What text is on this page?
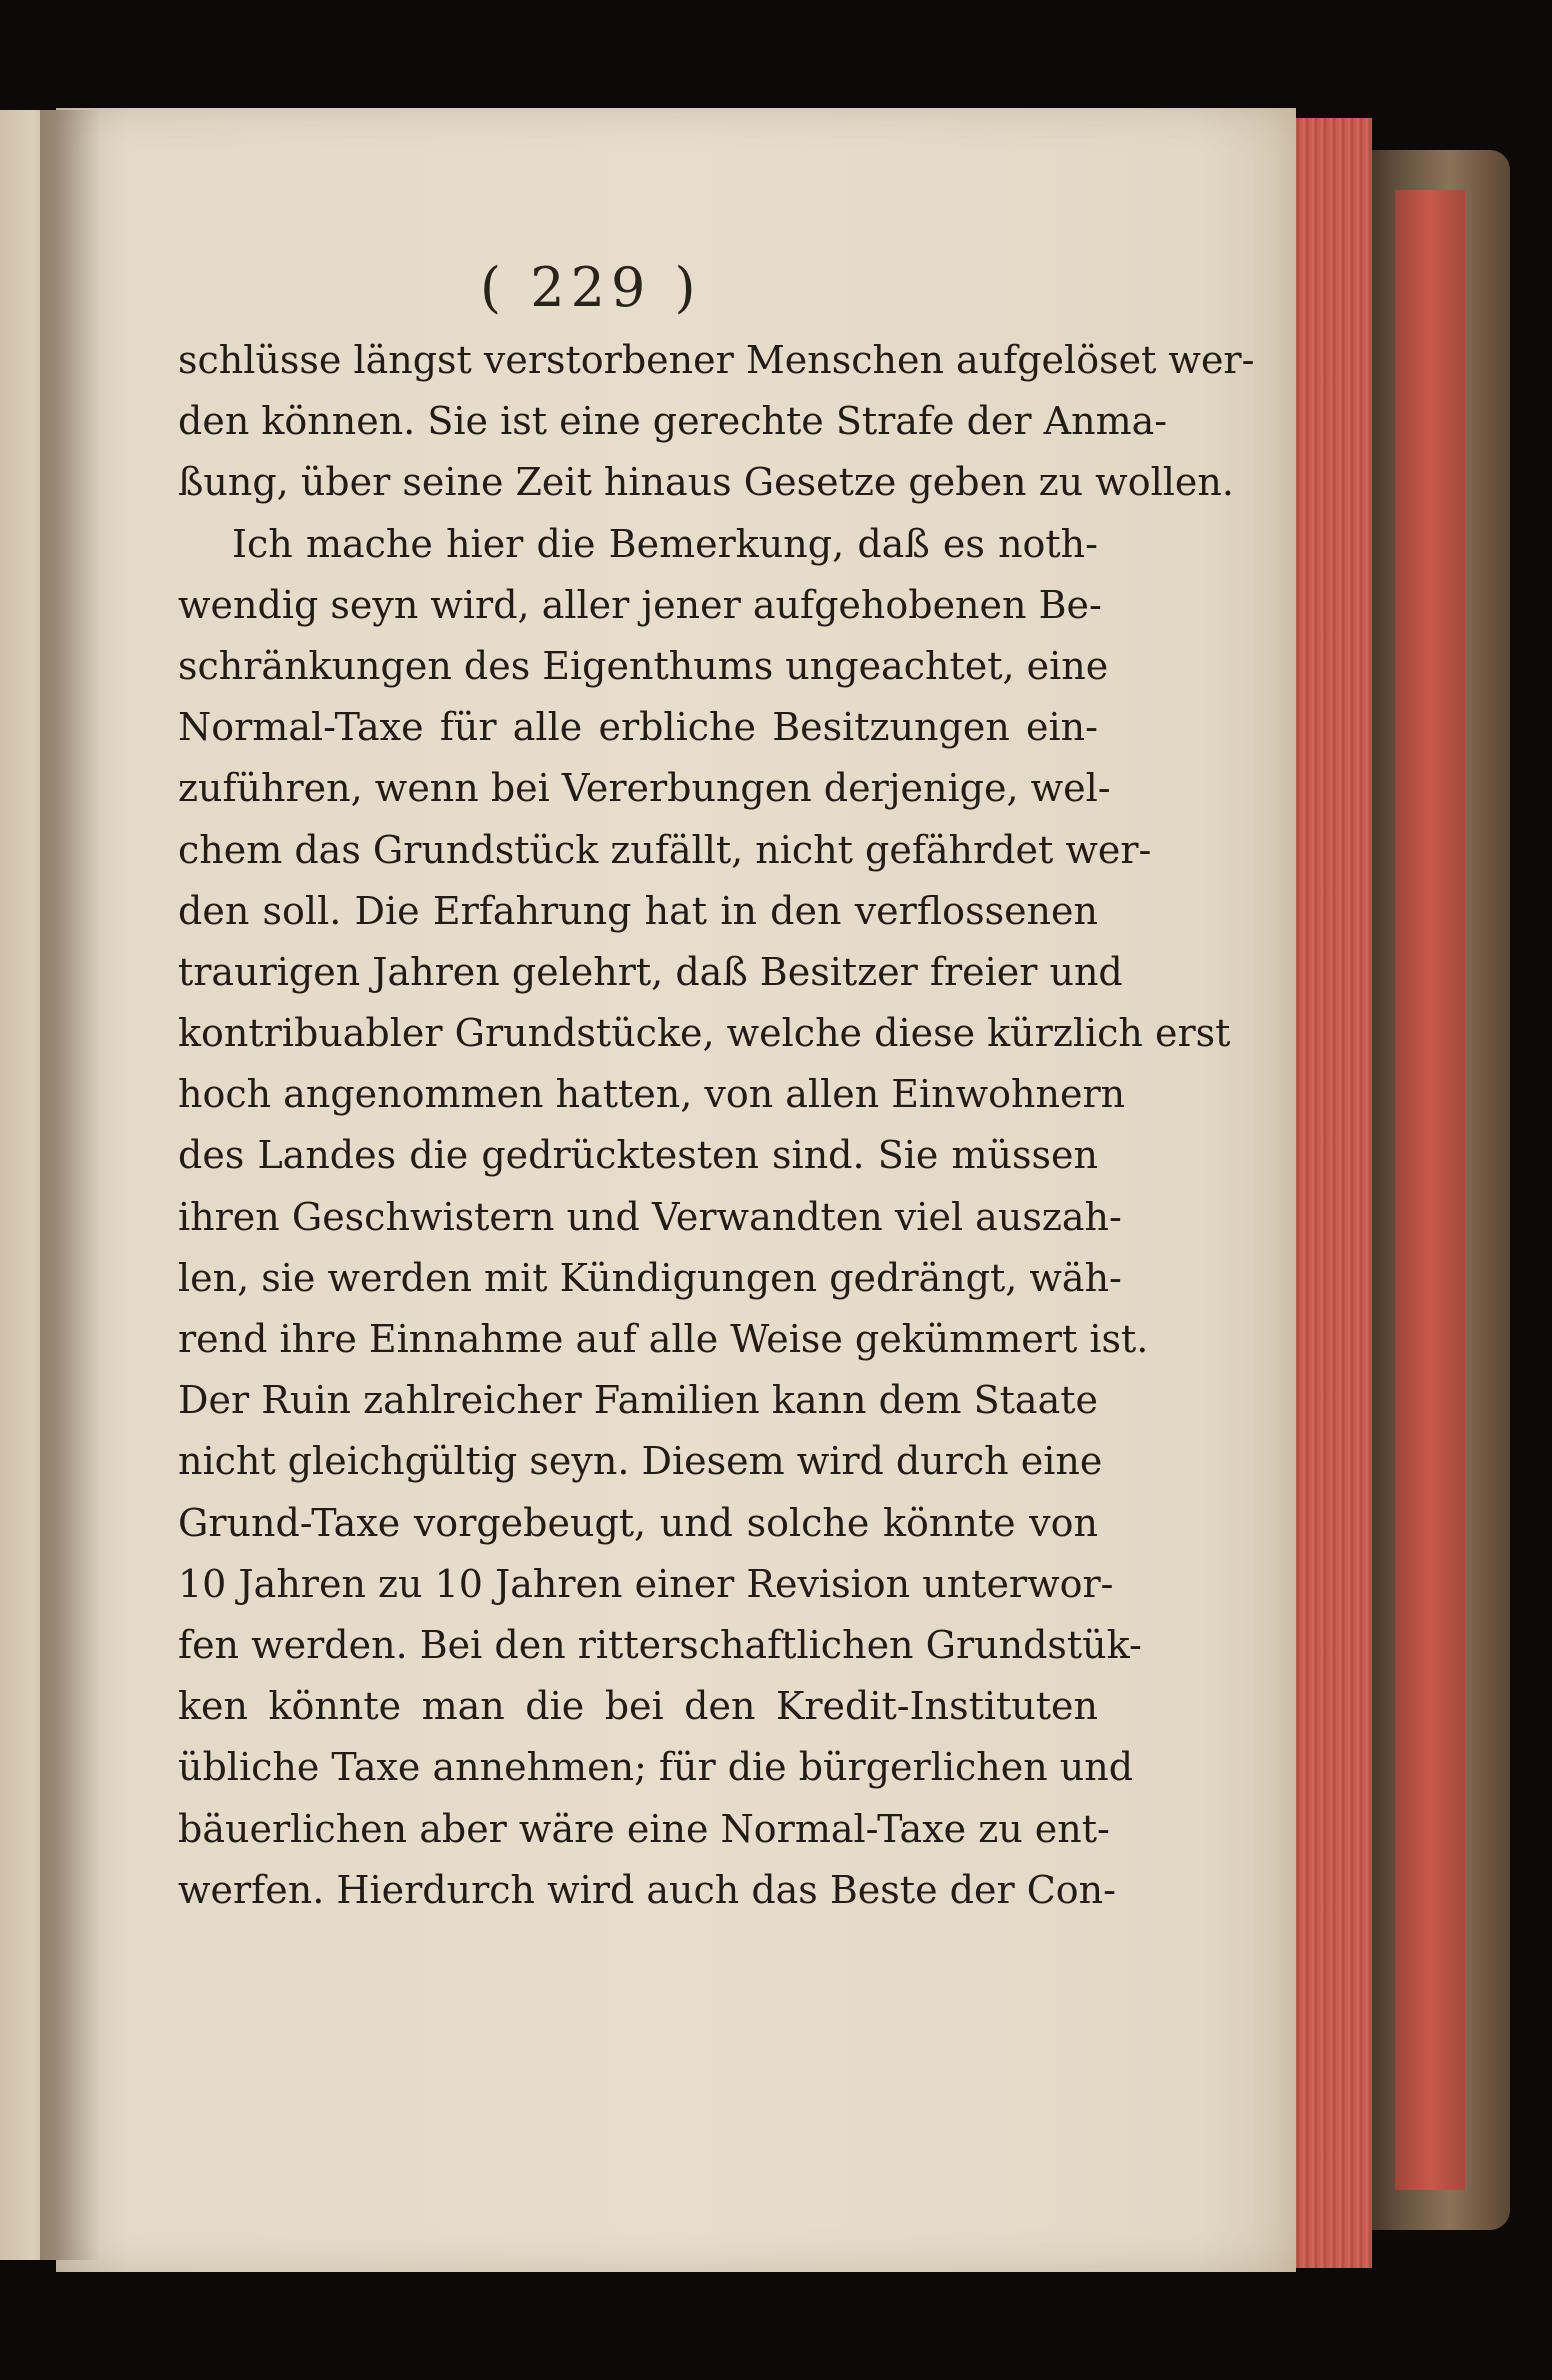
( 229 )
schlüsse längst verstorbener Menschen aufgelöset wer-
den können. Sie ist eine gerechte Strafe der Anma-
ßung, über seine Zeit hinaus Gesetze geben zu wollen.
Ich mache hier die Bemerkung, daß es noth-
wendig seyn wird, aller jener aufgehobenen Be-
schränkungen des Eigenthums ungeachtet, eine
Normal-Taxe für alle erbliche Besitzungen ein-
zuführen, wenn bei Vererbungen derjenige, wel-
chem das Grundstück zufällt, nicht gefährdet wer-
den soll. Die Erfahrung hat in den verflossenen
traurigen Jahren gelehrt, daß Besitzer freier und
kontribuabler Grundstücke, welche diese kürzlich erst
hoch angenommen hatten, von allen Einwohnern
des Landes die gedrücktesten sind. Sie müssen
ihren Geschwistern und Verwandten viel auszah-
len, sie werden mit Kündigungen gedrängt, wäh-
rend ihre Einnahme auf alle Weise gekümmert ist.
Der Ruin zahlreicher Familien kann dem Staate
nicht gleichgültig seyn. Diesem wird durch eine
Grund-Taxe vorgebeugt, und solche könnte von
10 Jahren zu 10 Jahren einer Revision unterwor-
fen werden. Bei den ritterschaftlichen Grundstük-
ken könnte man die bei den Kredit-Instituten
übliche Taxe annehmen; für die bürgerlichen und
bäuerlichen aber wäre eine Normal-Taxe zu ent-
werfen. Hierdurch wird auch das Beste der Con-
